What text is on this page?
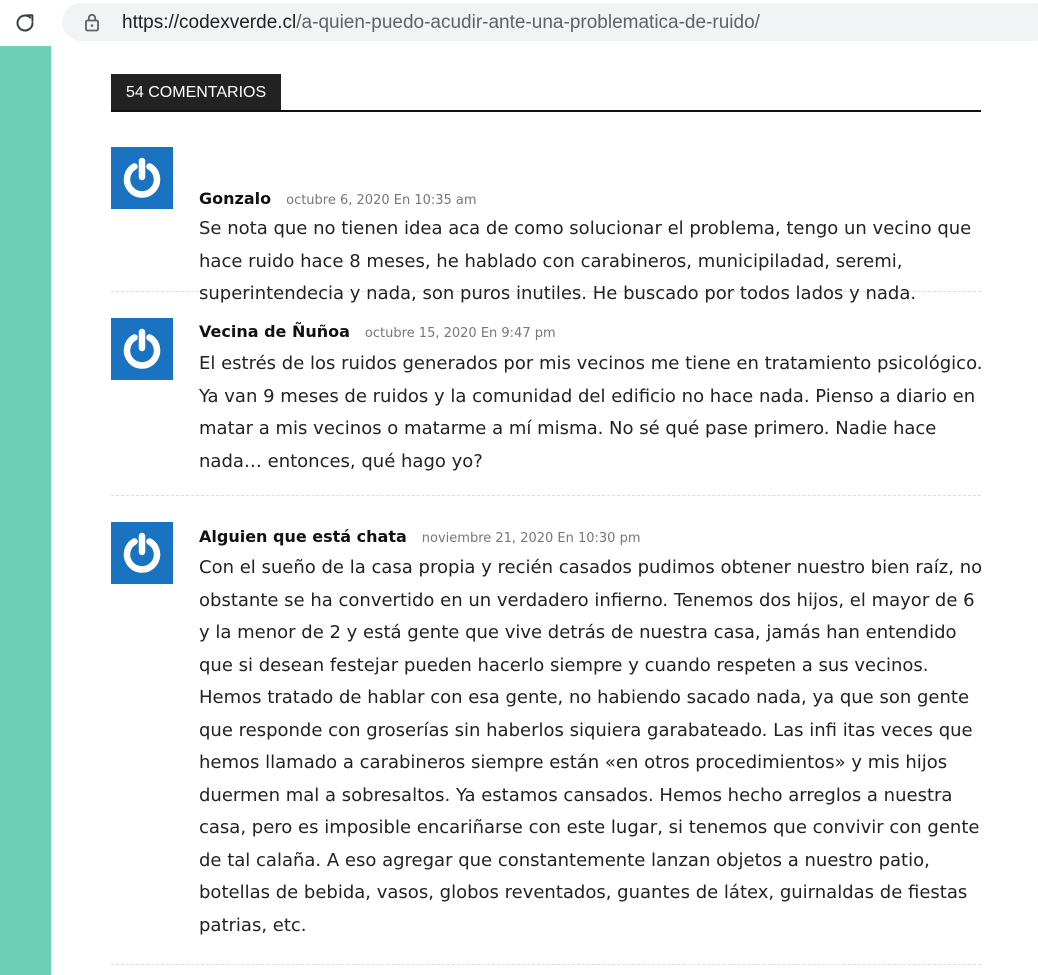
https://codexverde.cl/a-quien-puedo-acudir-ante-una-problematica-de-ruido/
54 COMENTARIOS
Gonzalo octubre 6, 2020 En 10:35 am

Se nota que no tienen idea aca de como solucionar el problema, tengo un vecino que hace ruido hace 8 meses, he hablado con carabineros, municipiladad, seremi, superintendecia y nada, son puros inutiles. He buscado por todos lados y nada.

Vecina de Ñuñoa octubre 15, 2020 En 9:47 pm

El estrés de los ruidos generados por mis vecinos me tiene en tratamiento psicológico. Ya van 9 meses de ruidos y la comunidad del edificio no hace nada. Pienso a diario en matar a mis vecinos o matarme a mí misma. No sé qué pase primero. Nadie hace nada… entonces, qué hago yo?

Alguien que está chata noviembre 21, 2020 En 10:30 pm

Con el sueño de la casa propia y recién casados pudimos obtener nuestro bien raíz, no obstante se ha convertido en un verdadero infierno. Tenemos dos hijos, el mayor de 6 y la menor de 2 y está gente que vive detrás de nuestra casa, jamás han entendido que si desean festejar pueden hacerlo siempre y cuando respeten a sus vecinos. Hemos tratado de hablar con esa gente, no habiendo sacado nada, ya que son gente que responde con groserías sin haberlos siquiera garabateado. Las infi itas veces que hemos llamado a carabineros siempre están «en otros procedimientos» y mis hijos duermen mal a sobresaltos. Ya estamos cansados. Hemos hecho arreglos a nuestra casa, pero es imposible encariñarse con este lugar, si tenemos que convivir con gente de tal calaña. A eso agregar que constantemente lanzan objetos a nuestro patio, botellas de bebida, vasos, globos reventados, guantes de látex, guirnaldas de fiestas patrias, etc.
